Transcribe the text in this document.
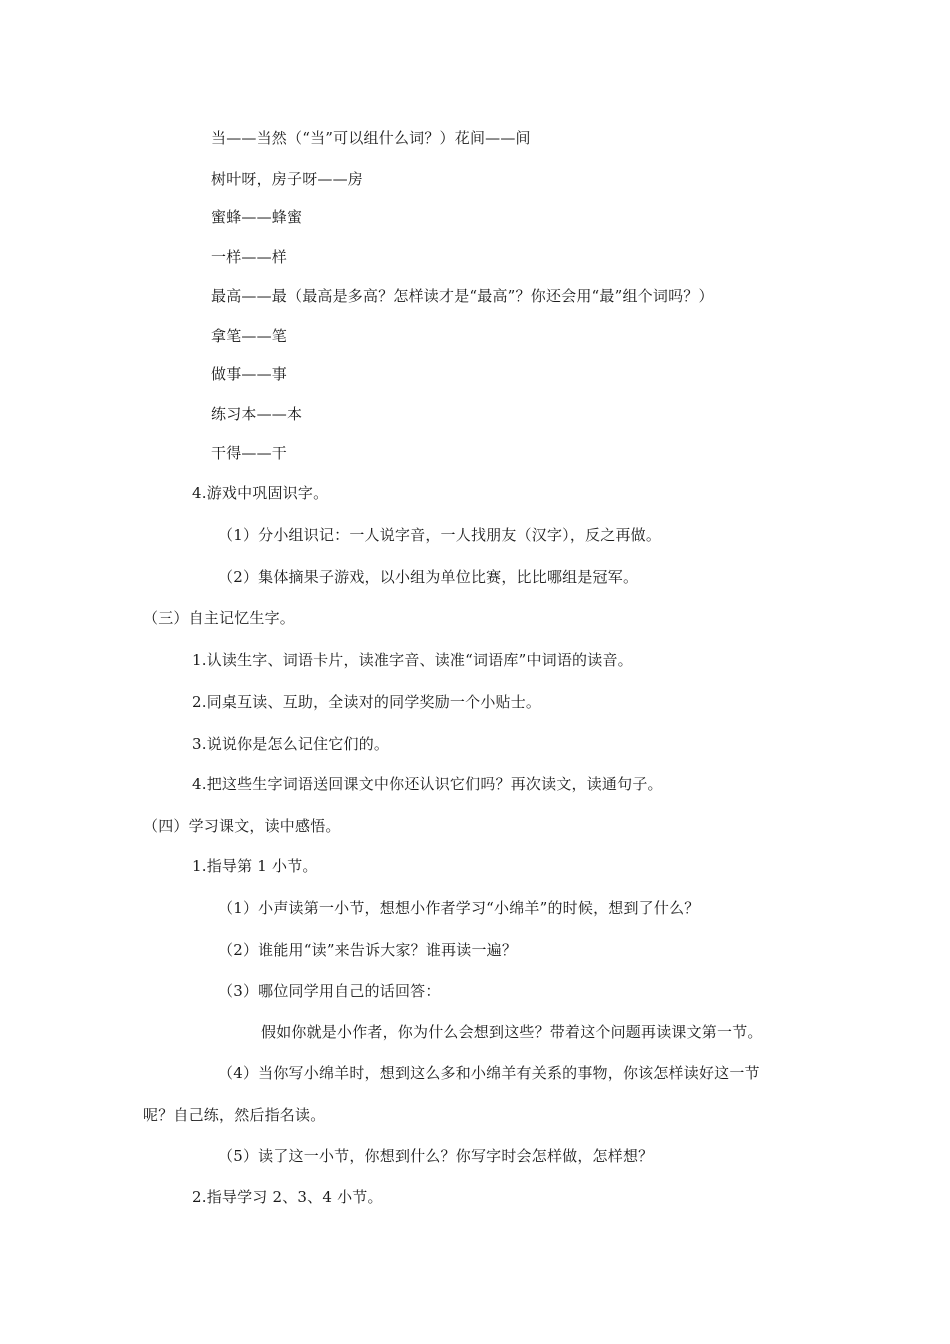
当——当然（“当”可以组什么词？）花间——间
树叶呀，房子呀——房
蜜蜂——蜂蜜
一样——样
最高——最（最高是多高？怎样读才是“最高”？你还会用“最”组个词吗？）
拿笔——笔
做事——事
练习本——本
干得——干
4.游戏中巩固识字。
（1）分小组识记：一人说字音，一人找朋友（汉字），反之再做。
（2）集体摘果子游戏，以小组为单位比赛，比比哪组是冠军。
（三）自主记忆生字。
1.认读生字、词语卡片，读准字音、读准“词语库”中词语的读音。
2.同桌互读、互助，全读对的同学奖励一个小贴士。
3.说说你是怎么记住它们的。
4.把这些生字词语送回课文中你还认识它们吗？再次读文，读通句子。
（四）学习课文，读中感悟。
1.指导第 1 小节。
（1）小声读第一小节，想想小作者学习“小绵羊”的时候，想到了什么？
（2）谁能用“读”来告诉大家？谁再读一遍？
（3）哪位同学用自己的话回答：
假如你就是小作者，你为什么会想到这些？带着这个问题再读课文第一节。
（4）当你写小绵羊时，想到这么多和小绵羊有关系的事物，你该怎样读好这一节
呢？自己练，然后指名读。
（5）读了这一小节，你想到什么？你写字时会怎样做，怎样想？
2.指导学习 2、3、4 小节。
